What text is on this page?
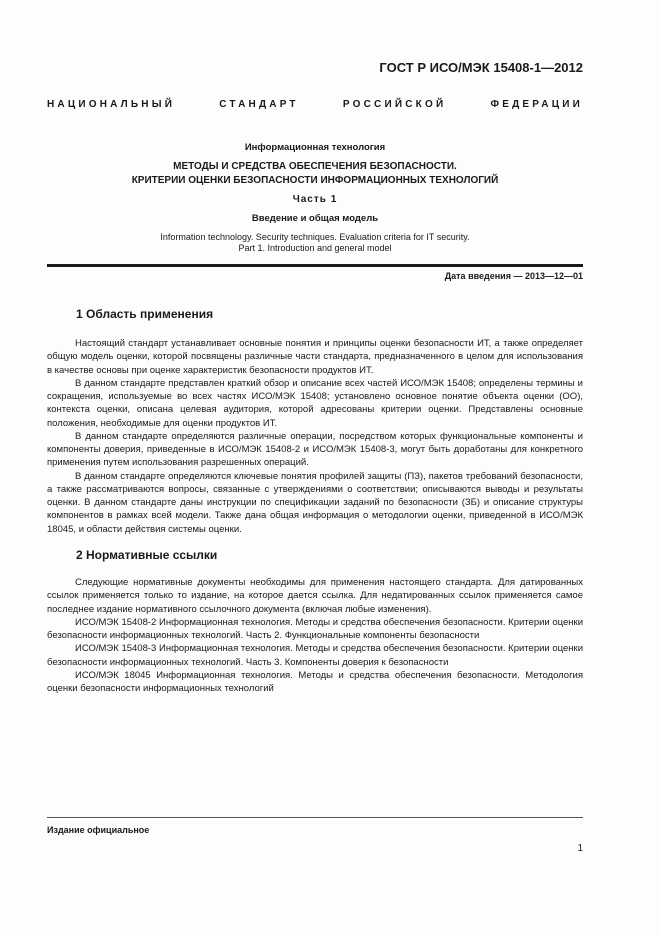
ГОСТ Р ИСО/МЭК 15408-1—2012
НАЦИОНАЛЬНЫЙ СТАНДАРТ РОССИЙСКОЙ ФЕДЕРАЦИИ

Информационная технология

МЕТОДЫ И СРЕДСТВА ОБЕСПЕЧЕНИЯ БЕЗОПАСНОСТИ.

КРИТЕРИИ ОЦЕНКИ БЕЗОПАСНОСТИ ИНФОРМАЦИОННЫХ ТЕХНОЛОГИЙ

Часть 1

Введение и общая модель

Information technology. Security techniques. Evaluation criteria for IT security.

Part 1. Introduction and general model

Дата введения — 2013—12—01
1 Область применения

Настоящий стандарт устанавливает основные понятия и принципы оценки безопасности ИТ, а также определяет общую модель оценки, которой посвящены различные части стандарта, предназначенного в целом для использования в качестве основы при оценке характеристик безопасности продуктов ИТ.

В данном стандарте представлен краткий обзор и описание всех частей ИСО/МЭК 15408; определены термины и сокращения, используемые во всех частях ИСО/МЭК 15408; установлено основное понятие объекта оценки (ОО), контекста оценки, описана целевая аудитория, которой адресованы критерии оценки. Представлены основные положения, необходимые для оценки продуктов ИТ.

В данном стандарте определяются различные операции, посредством которых функциональные компоненты и компоненты доверия, приведенные в ИСО/МЭК 15408-2 и ИСО/МЭК 15408-3, могут быть доработаны для конкретного применения путем использования разрешенных операций.

В данном стандарте определяются ключевые понятия профилей защиты (ПЗ), пакетов требований безопасности, а также рассматриваются вопросы, связанные с утверждениями о соответствии; описываются выводы и результаты оценки. В данном стандарте даны инструкции по спецификации заданий по безопасности (ЗБ) и описание структуры компонентов в рамках всей модели. Также дана общая информация о методологии оценки, приведенной в ИСО/МЭК 18045, и области действия системы оценки.

2 Нормативные ссылки

Следующие нормативные документы необходимы для применения настоящего стандарта. Для датированных ссылок применяется только то издание, на которое дается ссылка. Для недатированных ссылок применяется самое последнее издание нормативного ссылочного документа (включая любые изменения).

ИСО/МЭК 15408-2 Информационная технология. Методы и средства обеспечения безопасности. Критерии оценки безопасности информационных технологий. Часть 2. Функциональные компоненты безопасности

ИСО/МЭК 15408-3 Информационная технология. Методы и средства обеспечения безопасности. Критерии оценки безопасности информационных технологий. Часть 3. Компоненты доверия к безопасности

ИСО/МЭК 18045 Информационная технология. Методы и средства обеспечения безопасности. Методология оценки безопасности информационных технологий

Издание официальное
1
